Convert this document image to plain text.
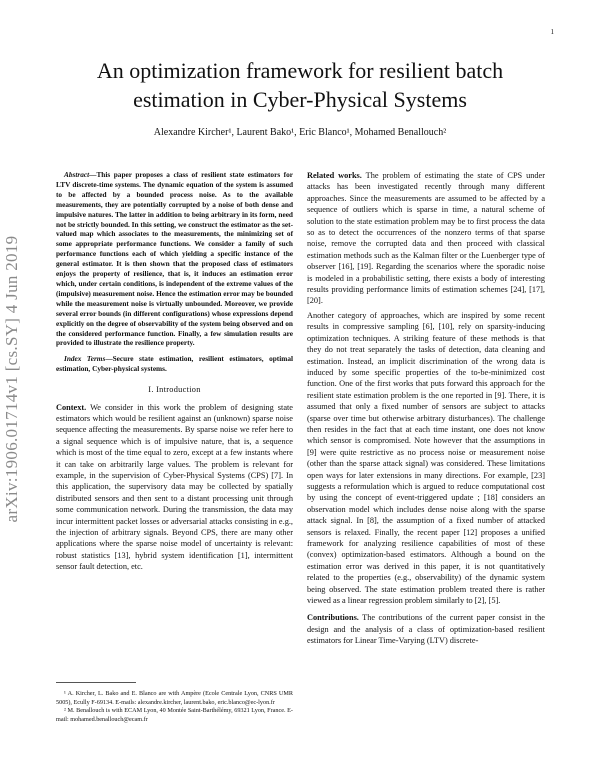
1
arXiv:1906.01714v1 [cs.SY] 4 Jun 2019
An optimization framework for resilient batch estimation in Cyber-Physical Systems
Alexandre Kircher¹, Laurent Bako¹, Eric Blanco¹, Mohamed Benallouch²

Abstract—This paper proposes a class of resilient state estimators for LTV discrete-time systems. The dynamic equation of the system is assumed to be affected by a bounded process noise. As to the available measurements, they are potentially corrupted by a noise of both dense and impulsive natures. The latter in addition to being arbitrary in its form, need not be strictly bounded. In this setting, we construct the estimator as the set-valued map which associates to the measurements, the minimizing set of some appropriate performance functions. We consider a family of such performance functions each of which yielding a specific instance of the general estimator. It is then shown that the proposed class of estimators enjoys the property of resilience, that is, it induces an estimation error which, under certain conditions, is independent of the extreme values of the (impulsive) measurement noise. Hence the estimation error may be bounded while the measurement noise is virtually unbounded. Moreover, we provide several error bounds (in different configurations) whose expressions depend explicitly on the degree of observability of the system being observed and on the considered performance function. Finally, a few simulation results are provided to illustrate the resilience property.

Index Terms—Secure state estimation, resilient estimators, optimal estimation, Cyber-physical systems.

I. Introduction

Context. We consider in this work the problem of designing state estimators which would be resilient against an (unknown) sparse noise sequence affecting the measurements. By sparse noise we refer here to a signal sequence which is of impulsive nature, that is, a sequence which is most of the time equal to zero, except at a few instants where it can take on arbitrarily large values. The problem is relevant for example, in the supervision of Cyber-Physical Systems (CPS) [7]. In this application, the supervisory data may be collected by spatially distributed sensors and then sent to a distant processing unit through some communication network. During the transmission, the data may incur intermittent packet losses or adversarial attacks consisting in e.g., the injection of arbitrary signals. Beyond CPS, there are many other applications where the sparse noise model of uncertainty is relevant: robust statistics [13], hybrid system identification [1], intermittent sensor fault detection, etc.

¹ A. Kircher, L. Bako and E. Blanco are with Ampère (Ecole Centrale Lyon, CNRS UMR 5005), Ecully F-69134. E-mails: alexandre.kircher, laurent.bako, eric.blanco@ec-lyon.fr

² M. Benallouch is with ECAM Lyon, 40 Montée Saint-Barthélémy, 69321 Lyon, France. E-mail: mohamed.benallouch@ecam.fr

Related works. The problem of estimating the state of CPS under attacks has been investigated recently through many different approaches. Since the measurements are assumed to be affected by a sequence of outliers which is sparse in time, a natural scheme of solution to the state estimation problem may be to first process the data so as to detect the occurrences of the nonzero terms of that sparse noise, remove the corrupted data and then proceed with classical estimation methods such as the Kalman filter or the Luenberger type of observer [16], [19]. Regarding the scenarios where the sporadic noise is modeled in a probabilistic setting, there exists a body of interesting results providing performance limits of estimation schemes [24], [17], [20].

Another category of approaches, which are inspired by some recent results in compressive sampling [6], [10], rely on sparsity-inducing optimization techniques. A striking feature of these methods is that they do not treat separately the tasks of detection, data cleaning and estimation. Instead, an implicit discrimination of the wrong data is induced by some specific properties of the to-be-minimized cost function. One of the first works that puts forward this approach for the resilient state estimation problem is the one reported in [9]. There, it is assumed that only a fixed number of sensors are subject to attacks (sparse over time but otherwise arbitrary disturbances). The challenge then resides in the fact that at each time instant, one does not know which sensor is compromised. Note however that the assumptions in [9] were quite restrictive as no process noise or measurement noise (other than the sparse attack signal) was considered. These limitations open ways for later extensions in many directions. For example, [23] suggests a reformulation which is argued to reduce computational cost by using the concept of event-triggered update ; [18] considers an observation model which includes dense noise along with the sparse attack signal. In [8], the assumption of a fixed number of attacked sensors is relaxed. Finally, the recent paper [12] proposes a unified framework for analyzing resilience capabilities of most of these (convex) optimization-based estimators. Although a bound on the estimation error was derived in this paper, it is not quantitatively related to the properties (e.g., observability) of the dynamic system being observed. The state estimation problem treated there is rather viewed as a linear regression problem similarly to [2], [5].

Contributions. The contributions of the current paper consist in the design and the analysis of a class of optimization-based resilient estimators for Linear Time-Varying (LTV) discrete-
